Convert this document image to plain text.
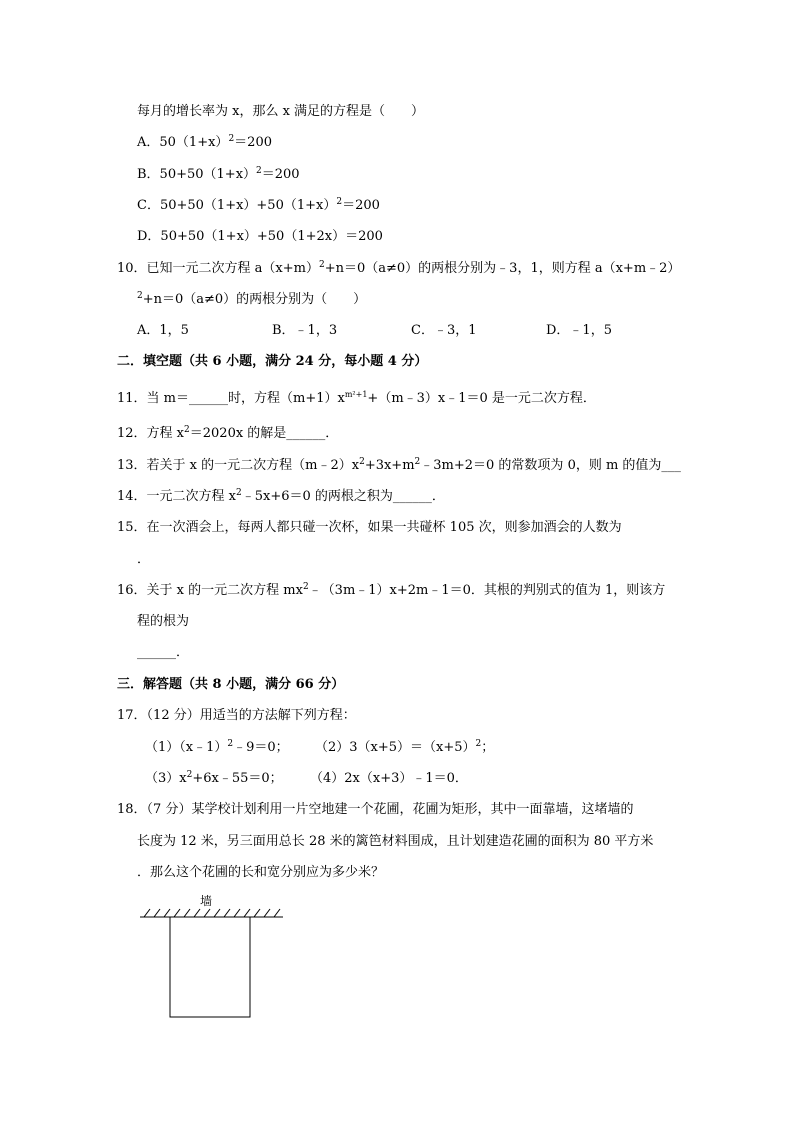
每月的增长率为 x，那么 x 满足的方程是（　　）
A．$50(1+x)^2=200$
B．$50+50(1+x)^2=200$
C．$50+50(1+x)+50(1+x)^2=200$
D．50+50（1+x）+50（1+2x）＝200
10．已知一元二次方程 $a(x+m)^2+n=0(a\ne 0)$的两根分别为﹣3，1，则方程 a（x+m﹣2）
$^2$+n＝0（a≠0）的两根分别为（　　）
A．1，5	B．﹣1，3	C．﹣3，1	D．﹣1，5
二．填空题（共 6 小题，满分 24 分，每小题 4 分）
11．当 m＝______时，方程$(m+1)x^{m^2+1}+(m﹣3)x﹣1=0$ 是一元二次方程．
12．方程 $x^2=2020x$ 的解是______．
13．若关于 x 的一元二次方程$(m﹣2)x^2+3x+m^2﹣3m+2=0$ 的常数项为 0，则 m 的值为___
14．一元二次方程 $x^2﹣5x+6=0$ 的两根之积为______．
15．在一次酒会上，每两人都只碰一次杯，如果一共碰杯 105 次，则参加酒会的人数为
．
16．关于 x 的一元二次方程 $mx^2﹣(3m﹣1)x+2m﹣1=0$．其根的判别式的值为 1，则该方
程的根为
______．
三．解答题（共 8 小题，满分 66 分）
17．（12 分）用适当的方法解下列方程：
（1）（x﹣1）$^2$﹣9＝0； $(2)3(x+5)=(x+5)^2$；
$(3)x^2+6x﹣55=0$； （4）2x（x+3）﹣1＝0．
18．（7 分）某学校计划利用一片空地建一个花圃，花圃为矩形，其中一面靠墙，这堵墙的
长度为 12 米，另三面用总长 28 米的篱笆材料围成，且计划建造花圃的面积为 80 平方米
．那么这个花圃的长和宽分别应为多少米？
墙
